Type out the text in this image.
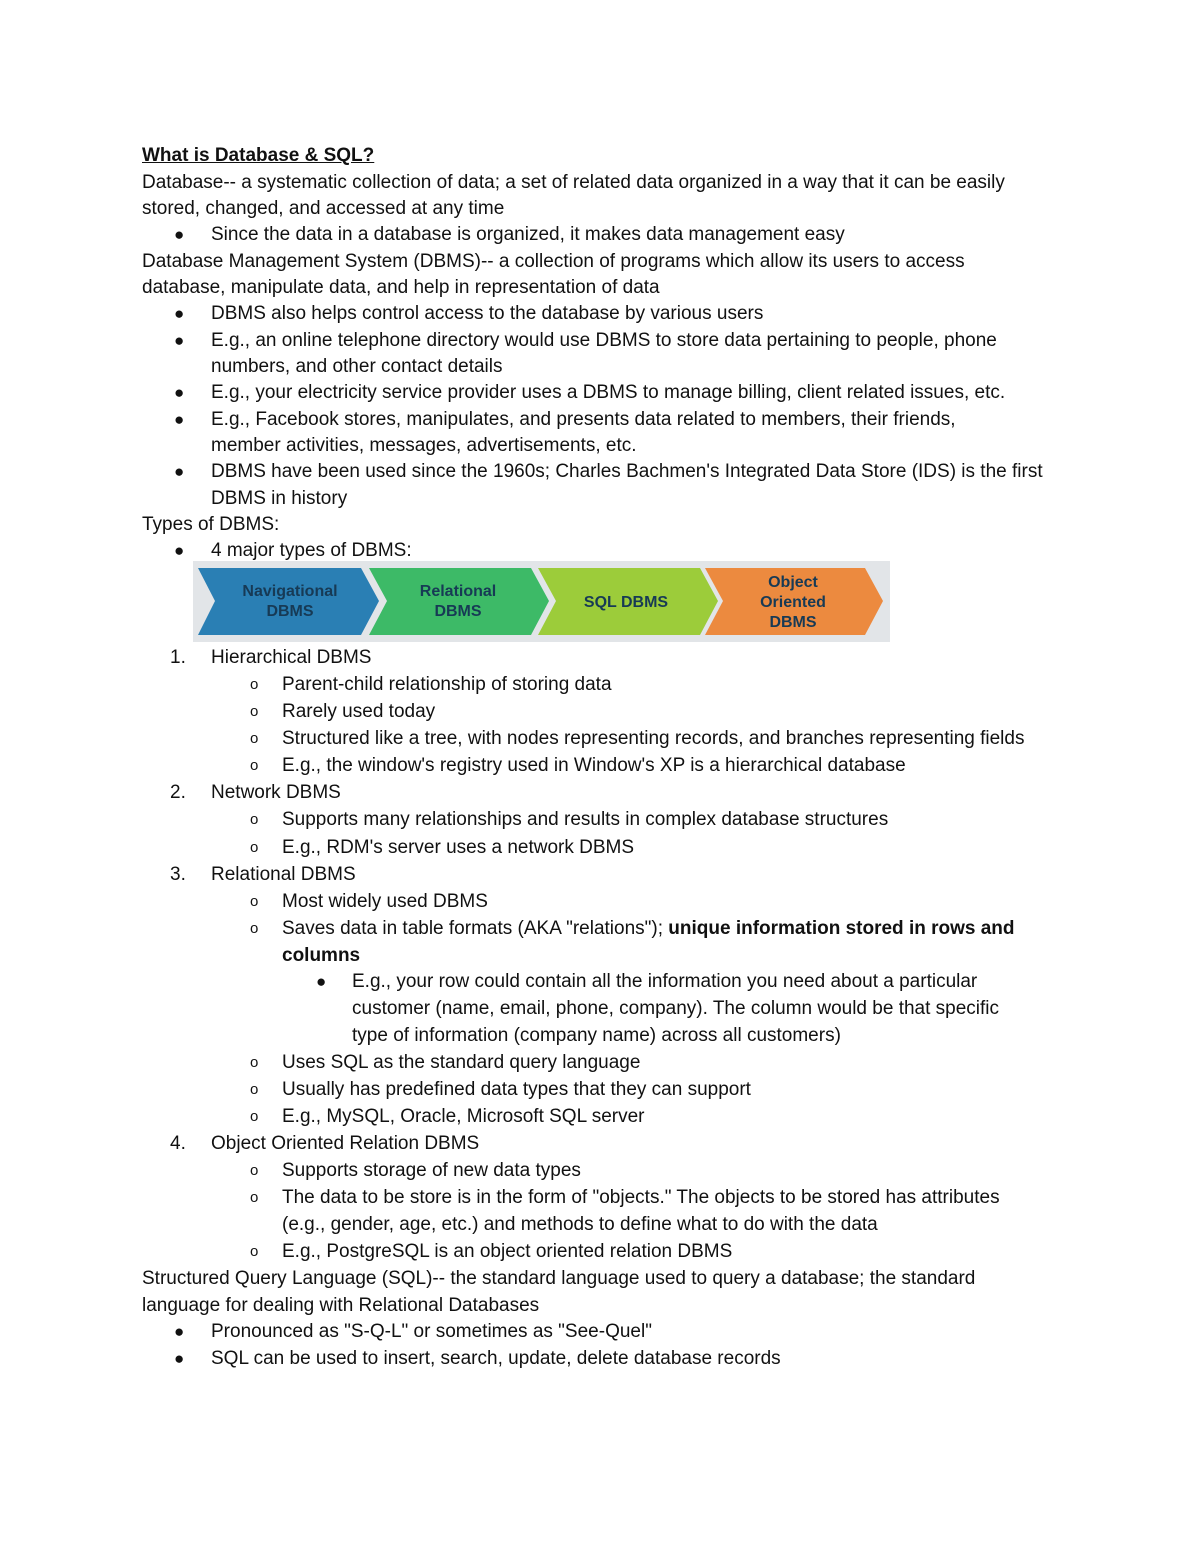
What is Database & SQL?
Database-- a systematic collection of data; a set of related data organized in a way that it can be easily
stored, changed, and accessed at any time
● Since the data in a database is organized, it makes data management easy
Database Management System (DBMS)-- a collection of programs which allow its users to access
database, manipulate data, and help in representation of data
● DBMS also helps control access to the database by various users
● E.g., an online telephone directory would use DBMS to store data pertaining to people, phone
numbers, and other contact details
● E.g., your electricity service provider uses a DBMS to manage billing, client related issues, etc.
● E.g., Facebook stores, manipulates, and presents data related to members, their friends,
member activities, messages, advertisements, etc.
● DBMS have been used since the 1960s; Charles Bachmen's Integrated Data Store (IDS) is the first
DBMS in history
Types of DBMS:
● 4 major types of DBMS:
Navigational
DBMS
Relational
DBMS
SQL DBMS
Object
Oriented
DBMS
1. Hierarchical DBMS
o Parent-child relationship of storing data
o Rarely used today
o Structured like a tree, with nodes representing records, and branches representing fields
o E.g., the window's registry used in Window's XP is a hierarchical database
2. Network DBMS
o Supports many relationships and results in complex database structures
o E.g., RDM's server uses a network DBMS
3. Relational DBMS
o Most widely used DBMS
o Saves data in table formats (AKA "relations"); unique information stored in rows and
columns
● E.g., your row could contain all the information you need about a particular
customer (name, email, phone, company). The column would be that specific
type of information (company name) across all customers)
o Uses SQL as the standard query language
o Usually has predefined data types that they can support
o E.g., MySQL, Oracle, Microsoft SQL server
4. Object Oriented Relation DBMS
o Supports storage of new data types
o The data to be store is in the form of "objects." The objects to be stored has attributes
(e.g., gender, age, etc.) and methods to define what to do with the data
o E.g., PostgreSQL is an object oriented relation DBMS
Structured Query Language (SQL)-- the standard language used to query a database; the standard
language for dealing with Relational Databases
● Pronounced as "S-Q-L" or sometimes as "See-Quel"
● SQL can be used to insert, search, update, delete database records
